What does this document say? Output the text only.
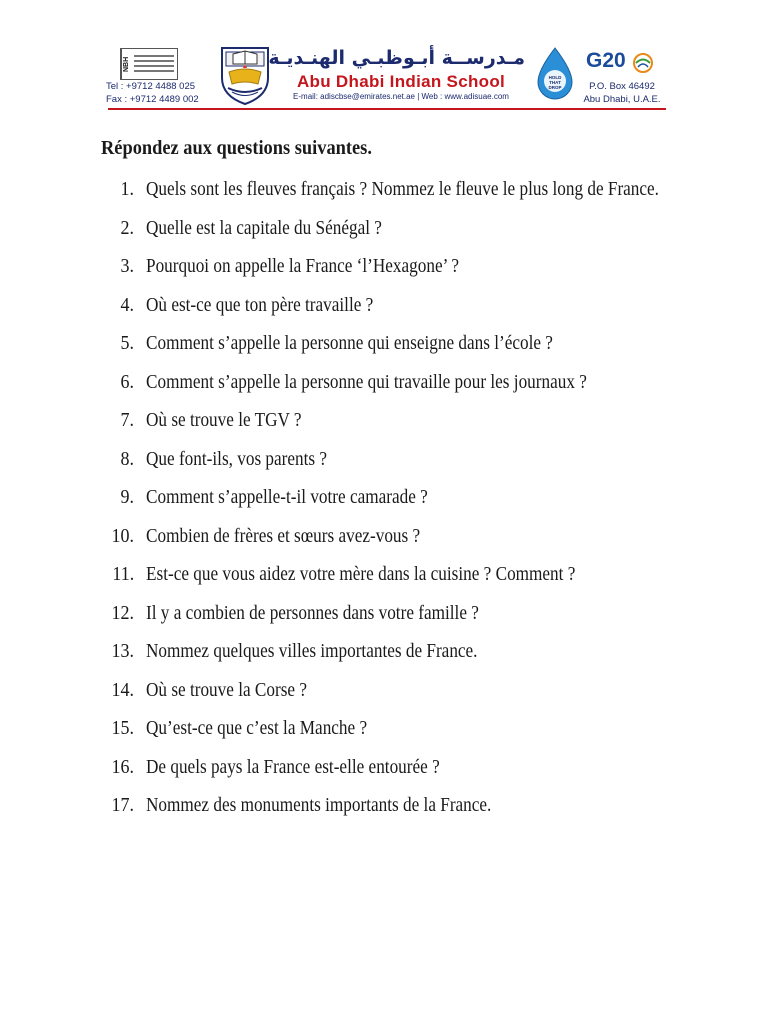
NBH
Tel : +9712 4488 025
Fax : +9712 4489 002
مـدرســة أبـوظبـي الهنـديـة
Abu Dhabi Indian School
E-mail: adiscbse@emirates.net.ae | Web : www.adisuae.com
HOLD
THAT
DROP
G20
P.O. Box 46492
Abu Dhabi, U.A.E.
Répondez aux questions suivantes.
1. Quels sont les fleuves français ? Nommez le fleuve le plus long de France.
2. Quelle est la capitale du Sénégal ?
3. Pourquoi on appelle la France ‘l’Hexagone’ ?
4. Où est-ce que ton père travaille ?
5. Comment s’appelle la personne qui enseigne dans l’école ?
6. Comment s’appelle la personne qui travaille pour les journaux ?
7. Où se trouve le TGV ?
8. Que font-ils, vos parents ?
9. Comment s’appelle-t-il votre camarade ?
10. Combien de frères et sœurs avez-vous ?
11. Est-ce que vous aidez votre mère dans la cuisine ? Comment ?
12. Il y a combien de personnes dans votre famille ?
13. Nommez quelques villes importantes de France.
14. Où se trouve la Corse ?
15. Qu’est-ce que c’est la Manche ?
16. De quels pays la France est-elle entourée ?
17. Nommez des monuments importants de la France.
